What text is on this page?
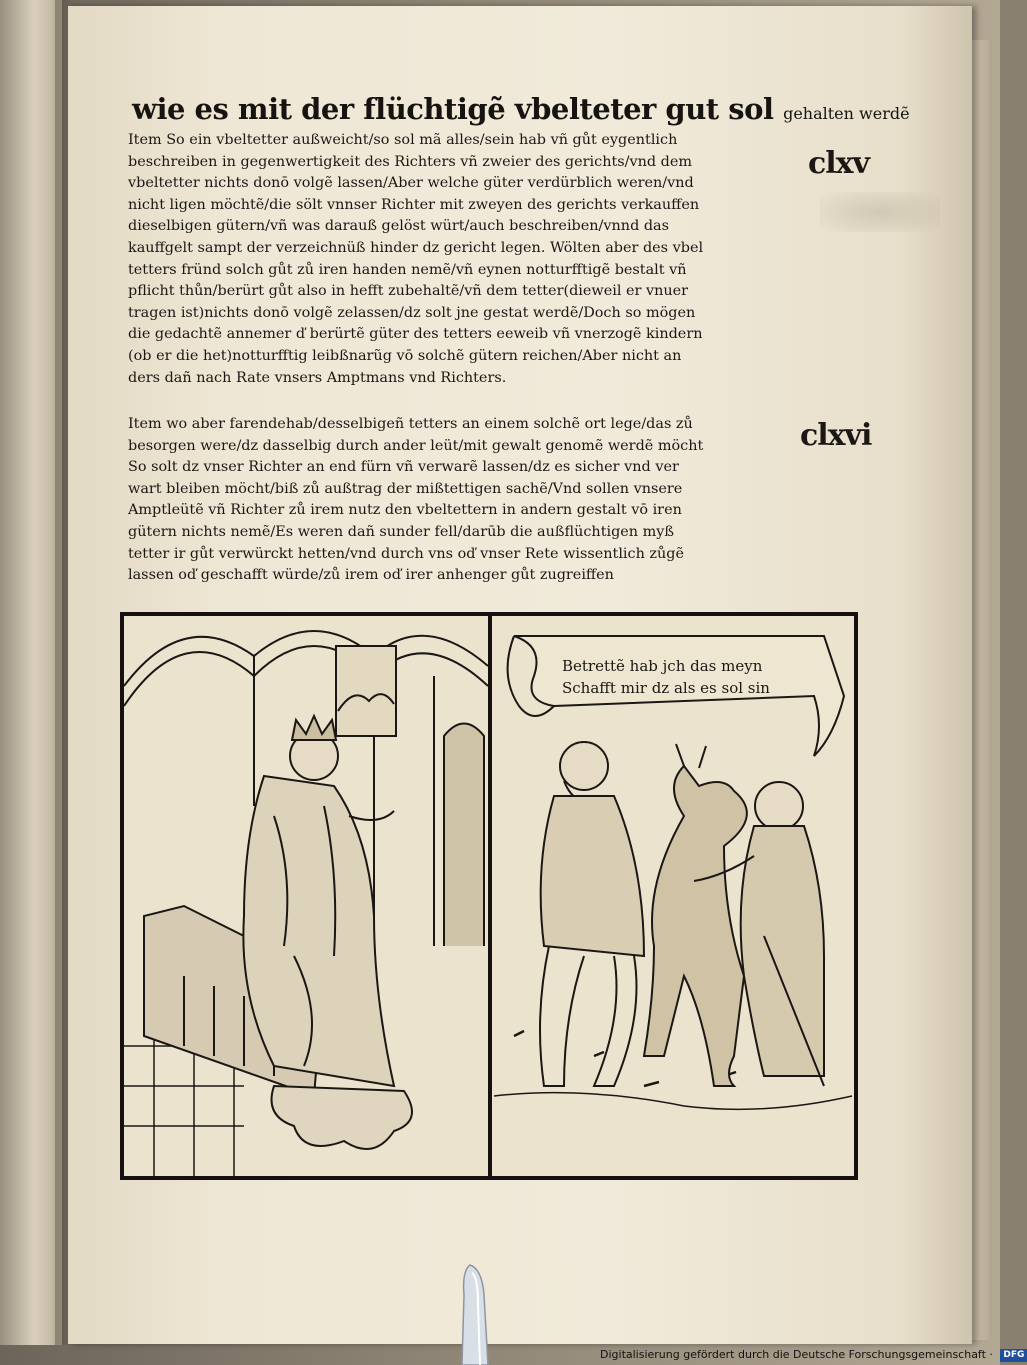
wie es mit der flüchtigẽ vbelteter gut sol gehalten werdẽ
clxv
clxvi
Item So ein vbeltetter außweicht/so sol mã alles/sein hab vñ gůt eygentlich
beschreiben in gegenwertigkeit des Richters vñ zweier des gerichts/vnd dem
vbeltetter nichts donō volgẽ lassen/Aber welche güter verdürblich weren/vnd
nicht ligen möchtẽ/die sölt vnnser Richter mit zweyen des gerichts verkauffen
dieselbigen gütern/vñ was darauß gelöst würt/auch beschreiben/vnnd das
kauffgelt sampt der verzeichnüß hinder dz gericht legen. Wölten aber des vbel
tetters fründ solch gůt zů iren handen nemẽ/vñ eynen notturfftigẽ bestalt vñ
pflicht thůn/berürt gůt also in hefft zubehaltẽ/vñ dem tetter(dieweil er vnuer
tragen ist)nichts donō volgẽ zelassen/dz solt jne gestat werdẽ/Doch so mögen
die gedachtẽ annemer ď berürtẽ güter des tetters eeweib vñ vnerzogẽ kindern
(ob er die het)notturfftig leibßnarũg vō solchẽ gütern reichen/Aber nicht an
ders dañ nach Rate vnsers Amptmans vnd Richters.
Item wo aber farendehab/desselbigeñ tetters an einem solchẽ ort lege/das zů
besorgen were/dz dasselbig durch ander leüt/mit gewalt genomẽ werdẽ möcht
So solt dz vnser Richter an end fürn vñ verwarẽ lassen/dz es sicher vnd ver
wart bleiben möcht/biß zů außtrag der mißtettigen sachẽ/Vnd sollen vnsere
Amptleütẽ vñ Richter zů irem nutz den vbeltettern in andern gestalt vō iren
gütern nichts nemẽ/Es weren dañ sunder fell/darūb die außflüchtigen myß
tetter ir gůt verwürckt hetten/vnd durch vns oď vnser Rete wissentlich zůgẽ
lassen oď geschafft würde/zů irem oď irer anhenger gůt zugreiffen
Betrettẽ hab jch das meyn
Schafft mir dz als es sol sin
Digitalisierung gefördert durch die Deutsche Forschungsgemeinschaft · DFG
